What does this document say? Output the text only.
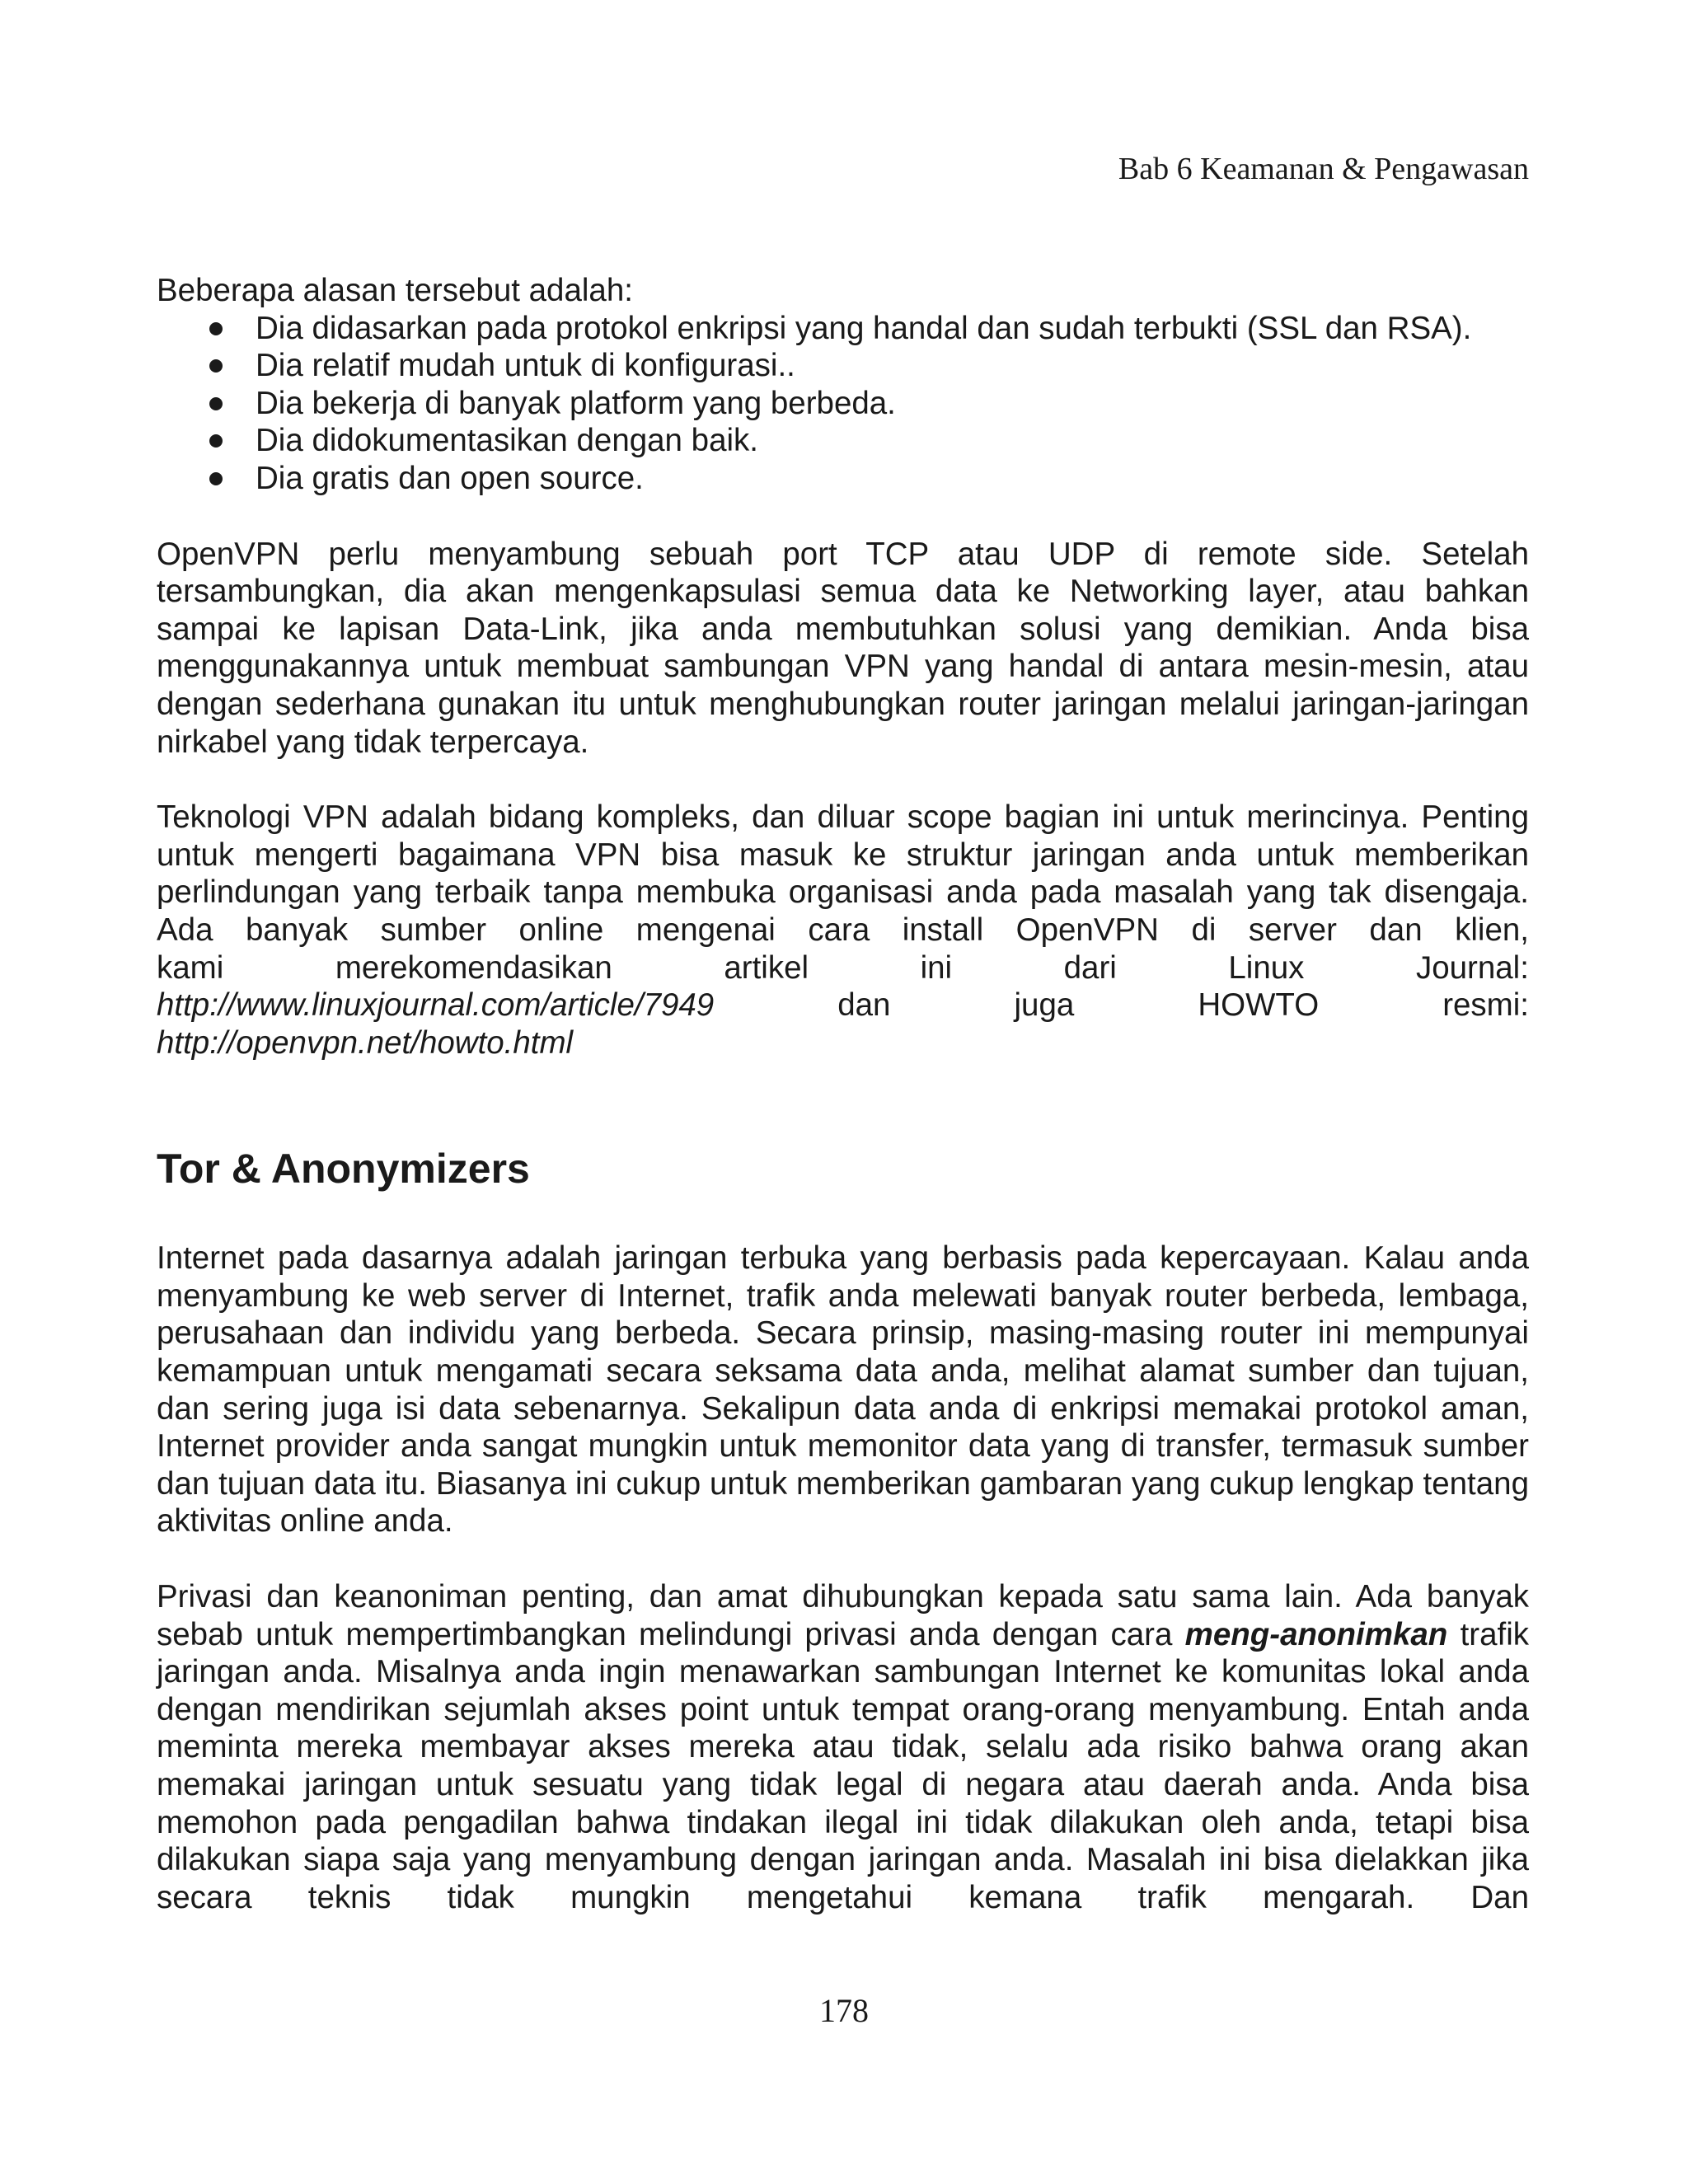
Bab 6 Keamanan & Pengawasan

Beberapa alasan tersebut adalah:

Dia didasarkan pada protokol enkripsi yang handal dan sudah terbukti (SSL dan RSA).
Dia relatif mudah untuk di konfigurasi..
Dia bekerja di banyak platform yang berbeda.
Dia didokumentasikan dengan baik.
Dia gratis dan open source.

OpenVPN perlu menyambung sebuah port TCP atau UDP di remote side. Setelah tersambungkan, dia akan mengenkapsulasi semua data ke Networking layer, atau bahkan sampai ke lapisan Data-Link, jika anda membutuhkan solusi yang demikian. Anda bisa menggunakannya untuk membuat sambungan VPN yang handal di antara mesin-mesin, atau dengan sederhana gunakan itu untuk menghubungkan router jaringan melalui jaringan-jaringan nirkabel yang tidak terpercaya.

Teknologi VPN adalah bidang kompleks, dan diluar scope bagian ini untuk merincinya. Penting untuk mengerti bagaimana VPN bisa masuk ke struktur jaringan anda untuk memberikan perlindungan yang terbaik tanpa membuka organisasi anda pada masalah yang tak disengaja. Ada banyak sumber online mengenai cara install OpenVPN di server dan klien,

kami	merekomendasikan	artikel	ini	dari	Linux	Journal:
http://www.linuxjournal.com/article/7949	dan	juga	HOWTO	resmi:
http://openvpn.net/howto.html
Tor & Anonymizers

Internet pada dasarnya adalah jaringan terbuka yang berbasis pada kepercayaan. Kalau anda menyambung ke web server di Internet, trafik anda melewati banyak router berbeda, lembaga, perusahaan dan individu yang berbeda. Secara prinsip, masing-masing router ini mempunyai kemampuan untuk mengamati secara seksama data anda, melihat alamat sumber dan tujuan, dan sering juga isi data sebenarnya. Sekalipun data anda di enkripsi memakai protokol aman, Internet provider anda sangat mungkin untuk memonitor data yang di transfer, termasuk sumber dan tujuan data itu. Biasanya ini cukup untuk memberikan gambaran yang cukup lengkap tentang aktivitas online anda.

Privasi dan keanoniman penting, dan amat dihubungkan kepada satu sama lain. Ada banyak sebab untuk mempertimbangkan melindungi privasi anda dengan cara meng-anonimkan trafik jaringan anda. Misalnya anda ingin menawarkan sambungan Internet ke komunitas lokal anda dengan mendirikan sejumlah akses point untuk tempat orang-orang menyambung. Entah anda meminta mereka membayar akses mereka atau tidak, selalu ada risiko bahwa orang akan memakai jaringan untuk sesuatu yang tidak legal di negara atau daerah anda. Anda bisa memohon pada pengadilan bahwa tindakan ilegal ini tidak dilakukan oleh anda, tetapi bisa dilakukan siapa saja yang menyambung dengan jaringan anda. Masalah ini bisa dielakkan jika secara teknis tidak mungkin mengetahui kemana trafik mengarah. Dan

178
